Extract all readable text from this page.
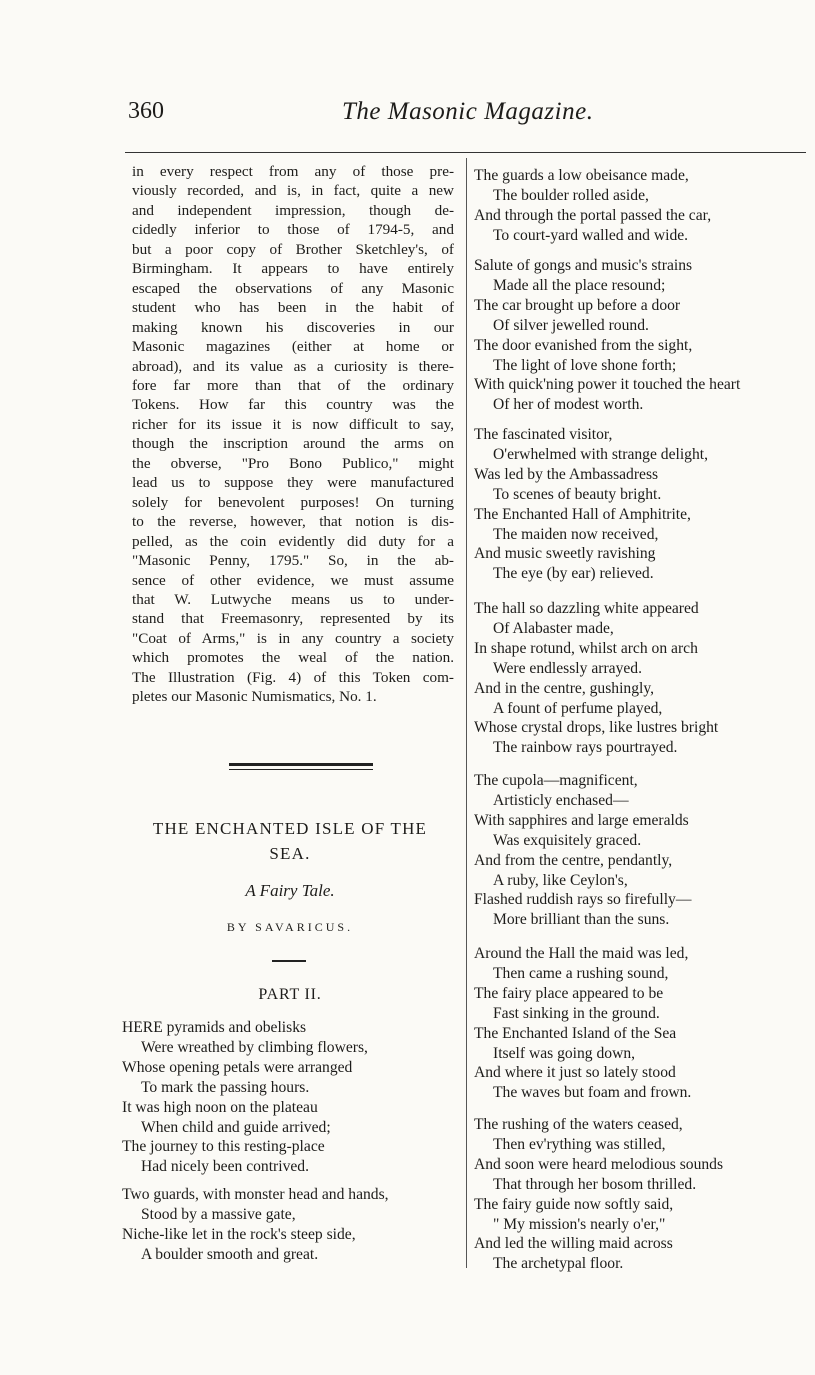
360	The Masonic Magazine.
in every respect from any of those pre-
viously recorded, and is, in fact, quite a new
and independent impression, though de-
cidedly inferior to those of 1794-5, and
but a poor copy of Brother Sketchley's, of
Birmingham. It appears to have entirely
escaped the observations of any Masonic
student who has been in the habit of
making known his discoveries in our
Masonic magazines (either at home or
abroad), and its value as a curiosity is there-
fore far more than that of the ordinary
Tokens. How far this country was the
richer for its issue it is now difficult to say,
though the inscription around the arms on
the obverse, "Pro Bono Publico," might
lead us to suppose they were manufactured
solely for benevolent purposes! On turning
to the reverse, however, that notion is dis-
pelled, as the coin evidently did duty for a
"Masonic Penny, 1795." So, in the ab-
sence of other evidence, we must assume
that W. Lutwyche means us to under-
stand that Freemasonry, represented by its
"Coat of Arms," is in any country a society
which promotes the weal of the nation.
The Illustration (Fig. 4) of this Token com-
pletes our Masonic Numismatics, No. 1.
THE ENCHANTED ISLE OF THE
SEA.
A Fairy Tale.
BY SAVARICUS.
PART II.
HERE pyramids and obelisks
Were wreathed by climbing flowers,
Whose opening petals were arranged
To mark the passing hours.
It was high noon on the plateau
When child and guide arrived;
The journey to this resting-place
Had nicely been contrived.
Two guards, with monster head and hands,
Stood by a massive gate,
Niche-like let in the rock's steep side,
A boulder smooth and great.
The guards a low obeisance made,
The boulder rolled aside,
And through the portal passed the car,
To court-yard walled and wide.
Salute of gongs and music's strains
Made all the place resound;
The car brought up before a door
Of silver jewelled round.
The door evanished from the sight,
The light of love shone forth;
With quick'ning power it touched the heart
Of her of modest worth.
The fascinated visitor,
O'erwhelmed with strange delight,
Was led by the Ambassadress
To scenes of beauty bright.
The Enchanted Hall of Amphitrite,
The maiden now received,
And music sweetly ravishing
The eye (by ear) relieved.
The hall so dazzling white appeared
Of Alabaster made,
In shape rotund, whilst arch on arch
Were endlessly arrayed.
And in the centre, gushingly,
A fount of perfume played,
Whose crystal drops, like lustres bright
The rainbow rays pourtrayed.
The cupola—magnificent,
Artisticly enchased—
With sapphires and large emeralds
Was exquisitely graced.
And from the centre, pendantly,
A ruby, like Ceylon's,
Flashed ruddish rays so firefully—
More brilliant than the suns.
Around the Hall the maid was led,
Then came a rushing sound,
The fairy place appeared to be
Fast sinking in the ground.
The Enchanted Island of the Sea
Itself was going down,
And where it just so lately stood
The waves but foam and frown.
The rushing of the waters ceased,
Then ev'rything was stilled,
And soon were heard melodious sounds
That through her bosom thrilled.
The fairy guide now softly said,
" My mission's nearly o'er,"
And led the willing maid across
The archetypal floor.
